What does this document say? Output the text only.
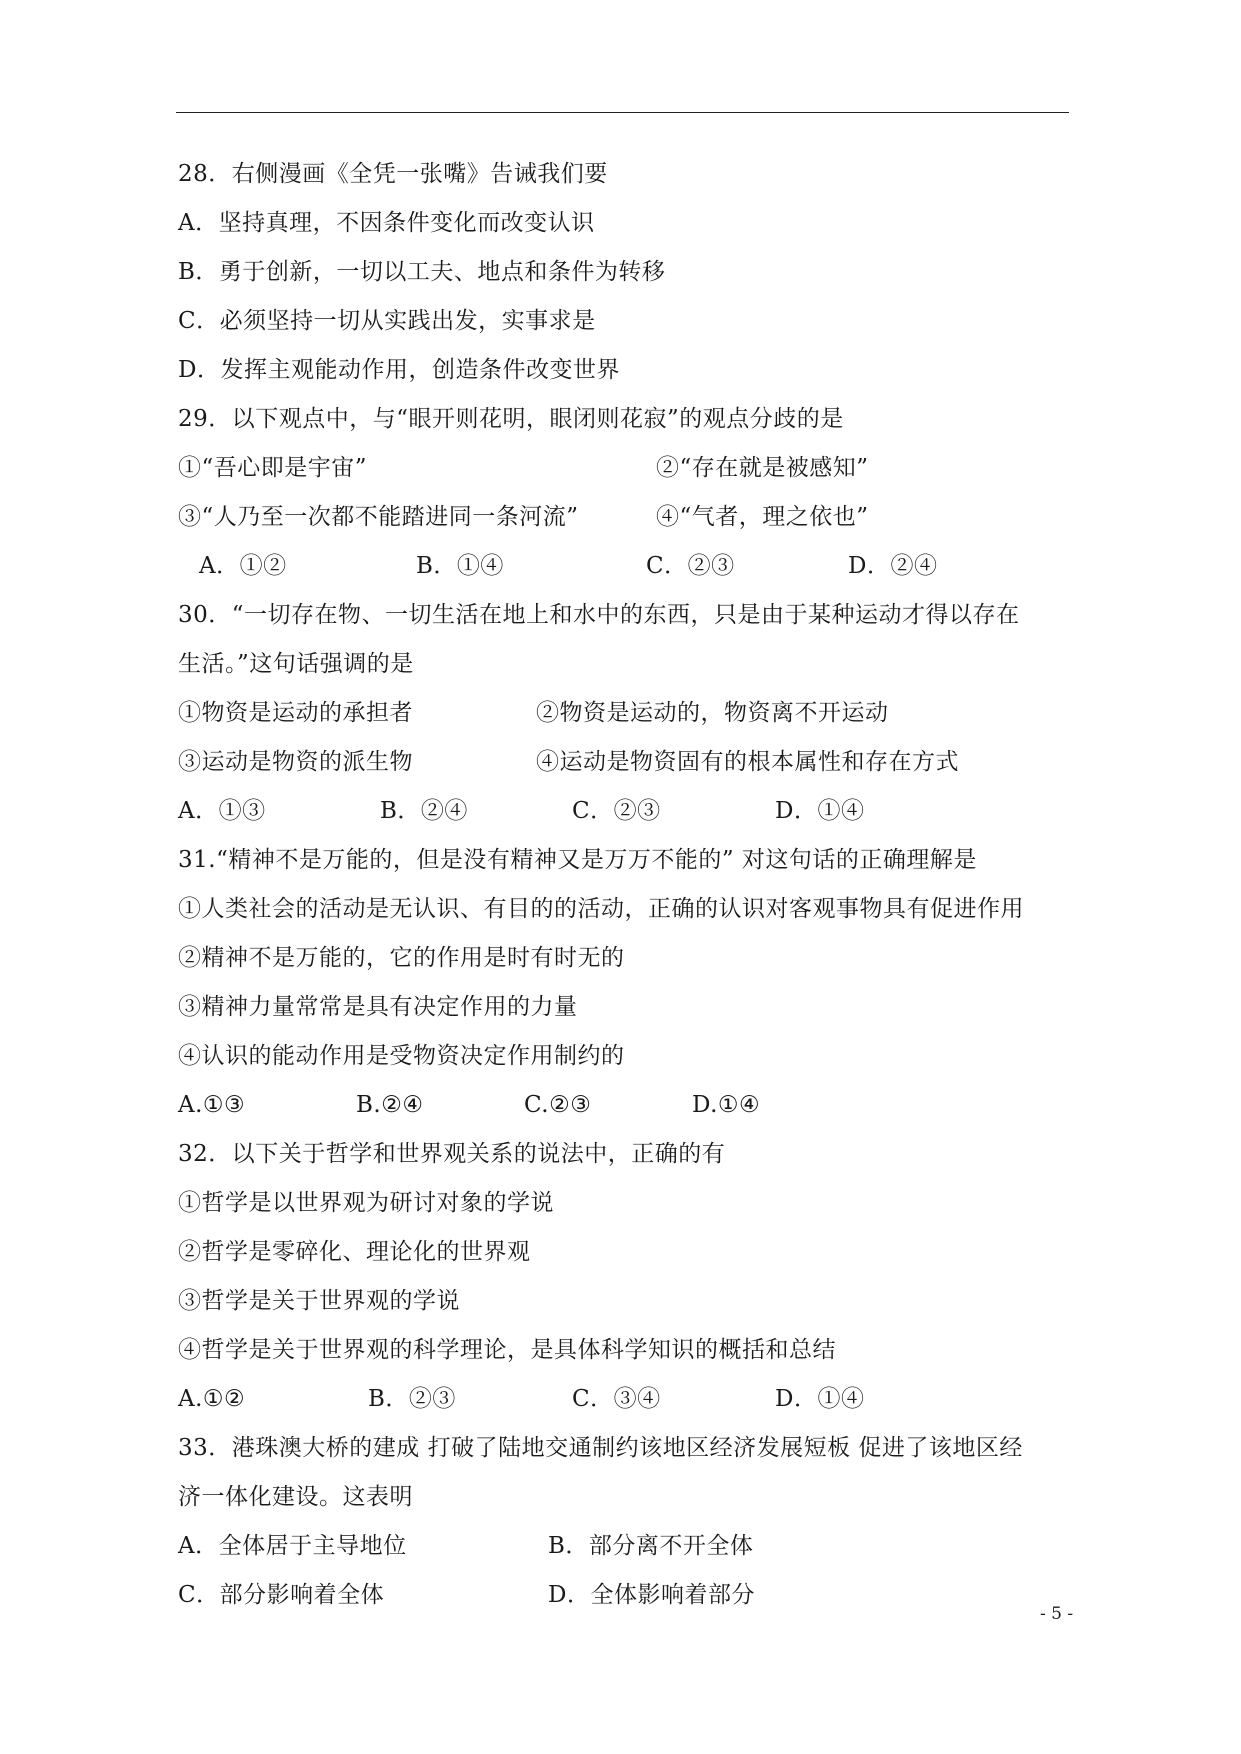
28．右侧漫画《全凭一张嘴》告诫我们要
A．坚持真理，不因条件变化而改变认识
B．勇于创新，一切以工夫、地点和条件为转移
C．必须坚持一切从实践出发，实事求是
D．发挥主观能动作用，创造条件改变世界
29．以下观点中，与“眼开则花明，眼闭则花寂”的观点分歧的是
①“吾心即是宇宙”	②“存在就是被感知”
③“人乃至一次都不能踏进同一条河流”	④“气者，理之依也”
A．①②	B．①④	C．②③	D．②④
30．“一切存在物、一切生活在地上和水中的东西，只是由于某种运动才得以存在
生活。”这句话强调的是
①物资是运动的承担者	②物资是运动的，物资离不开运动
③运动是物资的派生物	④运动是物资固有的根本属性和存在方式
A．①③	B．②④	C．②③	D．①④
31.“精神不是万能的，但是没有精神又是万万不能的” 对这句话的正确理解是
①人类社会的活动是无认识、有目的的活动，正确的认识对客观事物具有促进作用
②精神不是万能的，它的作用是时有时无的
③精神力量常常是具有决定作用的力量
④认识的能动作用是受物资决定作用制约的
A.①③	B.②④	C.②③	D.①④
32．以下关于哲学和世界观关系的说法中，正确的有
①哲学是以世界观为研讨对象的学说
②哲学是零碎化、理论化的世界观
③哲学是关于世界观的学说
④哲学是关于世界观的科学理论，是具体科学知识的概括和总结
A.①②	B．②③	C．③④	D．①④
33．港珠澳大桥的建成 打破了陆地交通制约该地区经济发展短板 促进了该地区经
济一体化建设。这表明
A．全体居于主导地位	B．部分离不开全体
C．部分影响着全体	D．全体影响着部分
- 5 -
